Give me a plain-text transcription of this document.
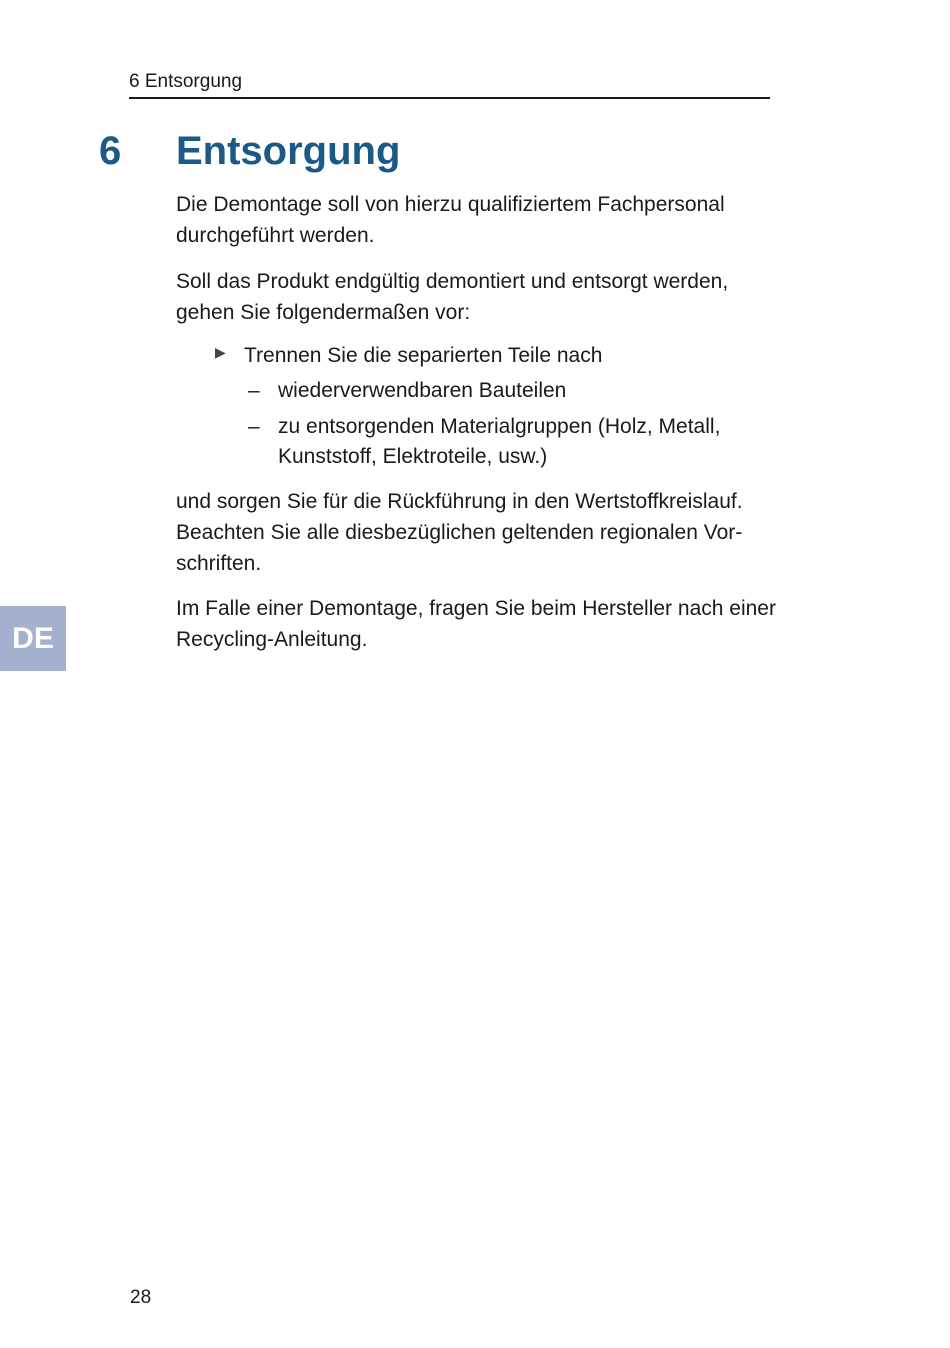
6 Entsorgung
6 Entsorgung

Die Demontage soll von hierzu qualifiziertem Fachpersonal durchgeführt werden.

Soll das Produkt endgültig demontiert und entsorgt werden, gehen Sie folgendermaßen vor:

▶ Trennen Sie die separierten Teile nach
– wiederverwendbaren Bauteilen
– zu entsorgenden Materialgruppen (Holz, Metall, Kunststoff, Elektroteile, usw.)

und sorgen Sie für die Rückführung in den Wertstoffkreislauf. Beachten Sie alle diesbezüglichen geltenden regionalen Vorschriften.

Im Falle einer Demontage, fragen Sie beim Hersteller nach einer Recycling-Anleitung.

DE
28
